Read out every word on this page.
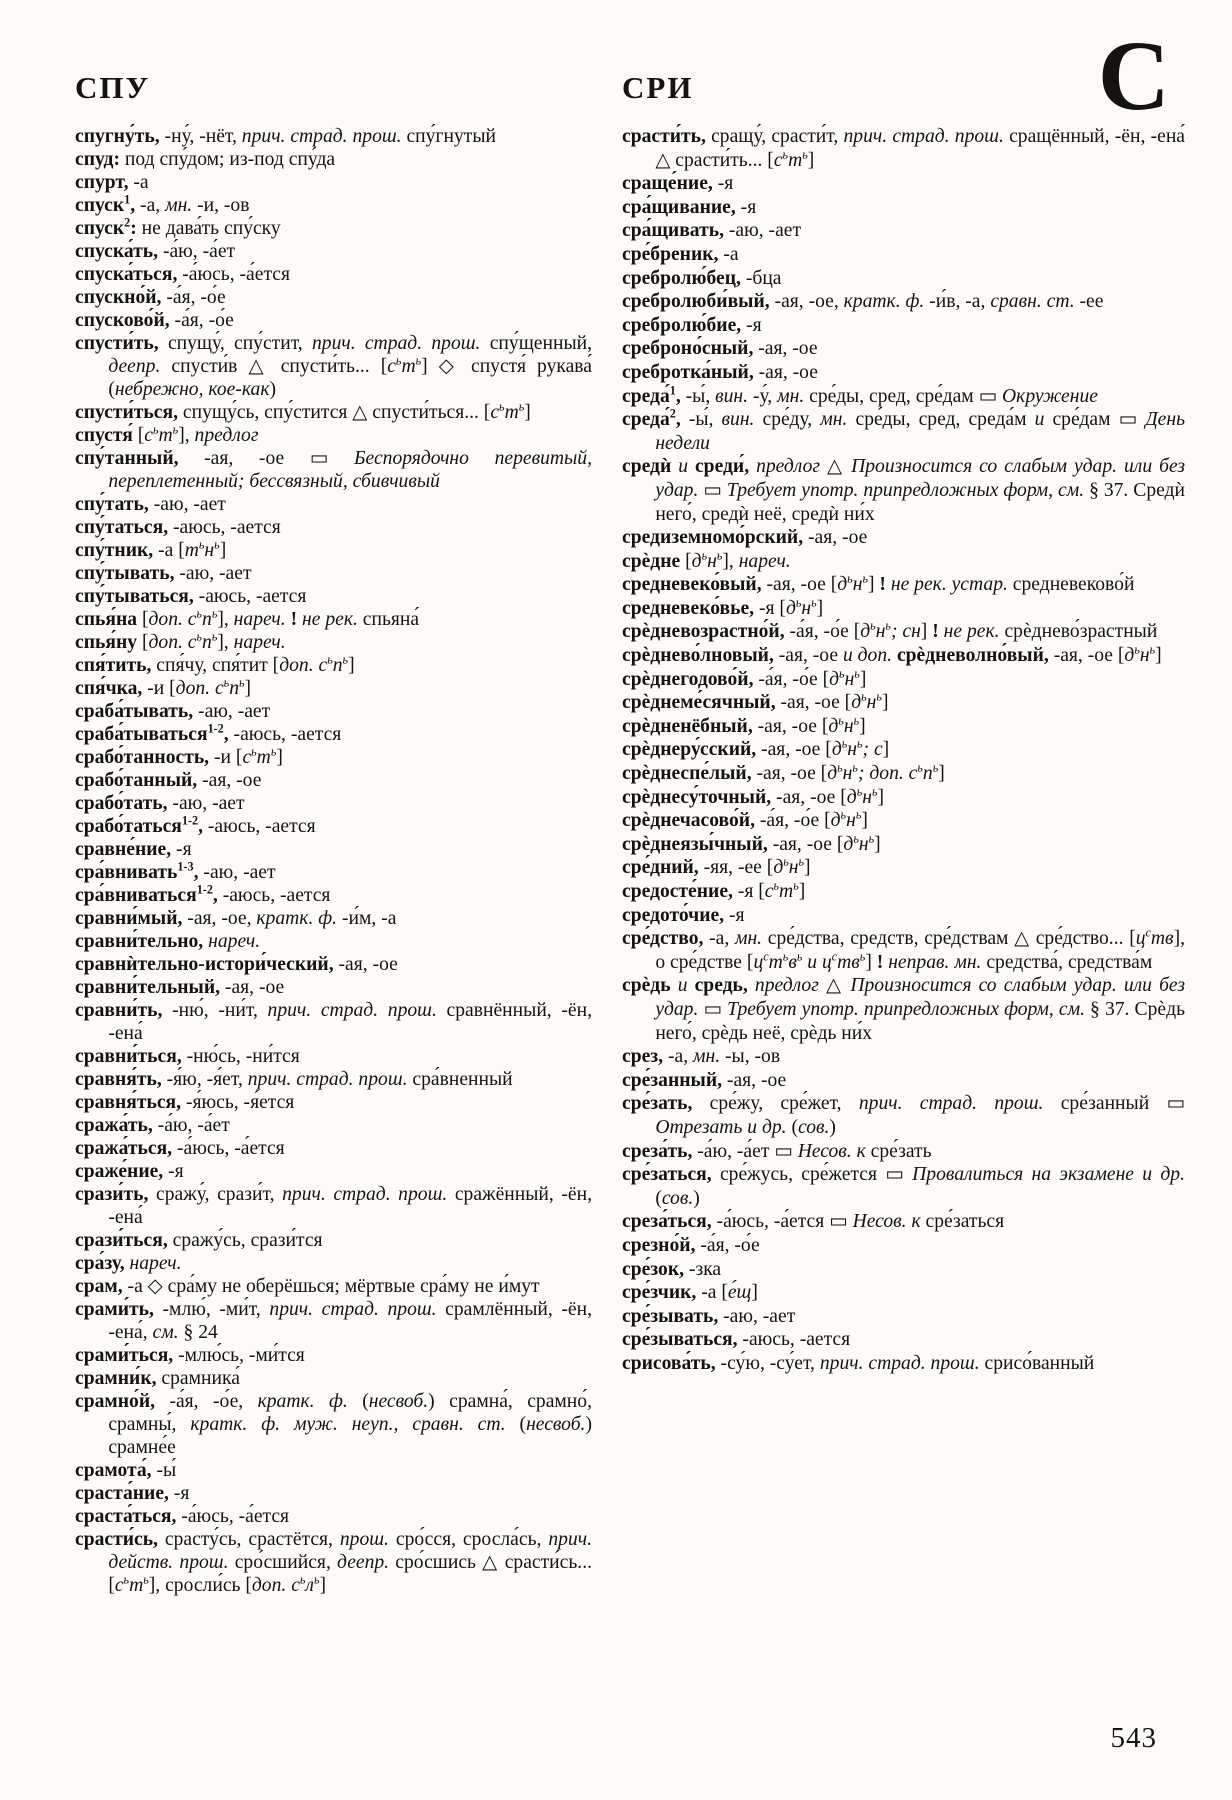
СПУ	СРИ	С
спугну́ть, -ну́, -нёт, прич. страд. прош. спу́гнутый
спуд: под спу́дом; из-под спу́да
спурт, -а
спуск$^1$, -а, мн. -и, -ов
спуск$^2$: не дава́ть спу́ску
спуска́ть, -а́ю, -а́ет
спуска́ться, -а́юсь, -а́ется
спускно́й, -а́я, -о́е
спусково́й, -а́я, -о́е
спусти́ть, спущу́, спу́стит, прич. страд. прош. спу́щенный, деепр. спусти́в △ спусти́ть... $[с^ьт^ь]$ ◇ спустя́ рукава́ (небрежно, кое-как)
спусти́ться, спущу́сь, спу́стится △ спусти́ться... $[с^ьт^ь]$
спустя́ $[с^ьт^ь]$, предлог
спу́танный, -ая, -ое ▭ Беспорядочно перевитый, переплетенный; бессвязный, сбивчивый
спу́тать, -аю, -ает
спу́таться, -аюсь, -ается
спу́тник, -а $[т^ьн^ь]$
спу́тывать, -аю, -ает
спу́тываться, -аюсь, -ается
спья́на [доп. $с^ьп^ь$], нареч. ! не рек. спьяна́
спья́ну [доп. $с^ьп^ь$], нареч.
спя́тить, спя́чу, спя́тит [доп. $с^ьп^ь$]
спя́чка, -и [доп. $с^ьп^ь$]
сраба́тывать, -аю, -ает
сраба́тываться$^{1-2}$, -аюсь, -ается
срабо́танность, -и $[с^ьт^ь]$
срабо́танный, -ая, -ое
срабо́тать, -аю, -ает
срабо́таться$^{1-2}$, -аюсь, -ается
сравне́ние, -я
сра́внивать$^{1-3}$, -аю, -ает
сра́вниваться$^{1-2}$, -аюсь, -ается
сравни́мый, -ая, -ое, кратк. ф. -и́м, -а
сравни́тельно, нареч.
сравнѝтельно-истори́ческий, -ая, -ое
сравни́тельный, -ая, -ое
сравни́ть, -ню́, -ни́т, прич. страд. прош. сравнённый, -ён, -ена́
сравни́ться, -ню́сь, -ни́тся
сравня́ть, -я́ю, -я́ет, прич. страд. прош. сра́вненный
сравня́ться, -я́юсь, -я́ется
сража́ть, -а́ю, -а́ет
сража́ться, -а́юсь, -а́ется
сраже́ние, -я
срази́ть, сражу́, срази́т, прич. страд. прош. сражённый, -ён, -ена́
срази́ться, сражу́сь, срази́тся
сра́зу, нареч.
срам, -а ◇ сра́му не оберёшься; мёртвые сра́му не и́мут
срами́ть, -млю́, -ми́т, прич. страд. прош. срамлённый, -ён, -ена́, см. § 24
срами́ться, -млю́сь, -ми́тся
срамни́к, срамника́
срамно́й, -а́я, -о́е, кратк. ф. (несвоб.) срамна́, срамно́, срамны́, кратк. ф. муж. неуп., сравн. ст. (несвоб.) срамне́е
срамота́, -ы́
сраста́ние, -я
сраста́ться, -а́юсь, -а́ется
срасти́сь, срасту́сь, срастётся, прош. сро́сся, сросла́сь, прич. действ. прош. сро́сшийся, деепр. сро́сшись △ срасти́сь... $[с^ьт^ь]$, сросли́сь [доп. $с^ьл^ь$]
срасти́ть, сращу́, срасти́т, прич. страд. прош. сращённый, -ён, -ена́ △ срасти́ть... $[с^ьт^ь]$
сраще́ние, -я
сра́щивание, -я
сра́щивать, -аю, -ает
сре́бреник, -а
сребролю́бец, -бца
сребролюби́вый, -ая, -ое, кратк. ф. -и́в, -а, сравн. ст. -ее
сребролю́бие, -я
среброно́сный, -ая, -ое
сребротка́ный, -ая, -ое
среда́$^1$, -ы́, вин. -у́, мн. сре́ды, сред, сре́дам ▭ Окружение
среда́$^2$, -ы́, вин. сре́ду, мн. сре́ды, сред, среда́м и сре́дам ▭ День недели
средѝ и среди́, предлог △ Произносится со слабым удар. или без удар. ▭ Требует употр. припредложных форм, см. § 37. Средѝ него́, средѝ неё, средѝ ни́х
средиземномо́рский, -ая, -ое
срѐдне $[д^ьн^ь]$, нареч.
средневеко́вый, -ая, -ое $[д^ьн^ь]$ ! не рек. устар. средневеково́й
средневеко́вье, -я $[д^ьн^ь]$
срѐдневозрастно́й, -а́я, -о́е [$д^ьн^ь$; сн] ! не рек. срѐднево́зрастный
срѐднево́лновый, -ая, -ое и доп. срѐдневолно́вый, -ая, -ое $[д^ьн^ь]$
срѐднегодово́й, -а́я, -о́е $[д^ьн^ь]$
срѐднеме́сячный, -ая, -ое $[д^ьн^ь]$
срѐдненёбный, -ая, -ое $[д^ьн^ь]$
срѐднеру́сский, -ая, -ое [$д^ьн^ь$; с]
срѐднеспе́лый, -ая, -ое [$д^ьн^ь$; доп. $с^ьп^ь$]
срѐднесу́точный, -ая, -ое $[д^ьн^ь]$
срѐднечасово́й, -а́я, -о́е $[д^ьн^ь]$
срѐднеязы́чный, -ая, -ое $[д^ьн^ь]$
сре́дний, -яя, -ее $[д^ьн^ь]$
средосте́ние, -я $[с^ьт^ь]$
средото́чие, -я
сре́дство, -а, мн. сре́дства, средств, сре́дствам △ сре́дство... $[ц^ств]$, о сре́дстве [$ц^ст^ьв^ь$ и $ц^ств^ь$] ! неправ. мн. средства́, средства́м
срѐдь и средь, предлог △ Произносится со слабым удар. или без удар. ▭ Требует употр. припредложных форм, см. § 37. Срѐдь него́, срѐдь неё, срѐдь ни́х
срез, -а, мн. -ы, -ов
сре́занный, -ая, -ое
сре́зать, сре́жу, сре́жет, прич. страд. прош. сре́занный ▭ Отрезать и др. (сов.)
среза́ть, -а́ю, -а́ет ▭ Несов. к сре́зать
сре́заться, сре́жусь, сре́жется ▭ Провалиться на экзамене и др. (сов.)
среза́ться, -а́юсь, -а́ется ▭ Несов. к сре́заться
срезно́й, -а́я, -о́е
сре́зок, -зка
сре́зчик, -а [е́щ]
сре́зывать, -аю, -ает
сре́зываться, -аюсь, -ается
срисова́ть, -су́ю, -су́ет, прич. страд. прош. срисо́ванный
543
